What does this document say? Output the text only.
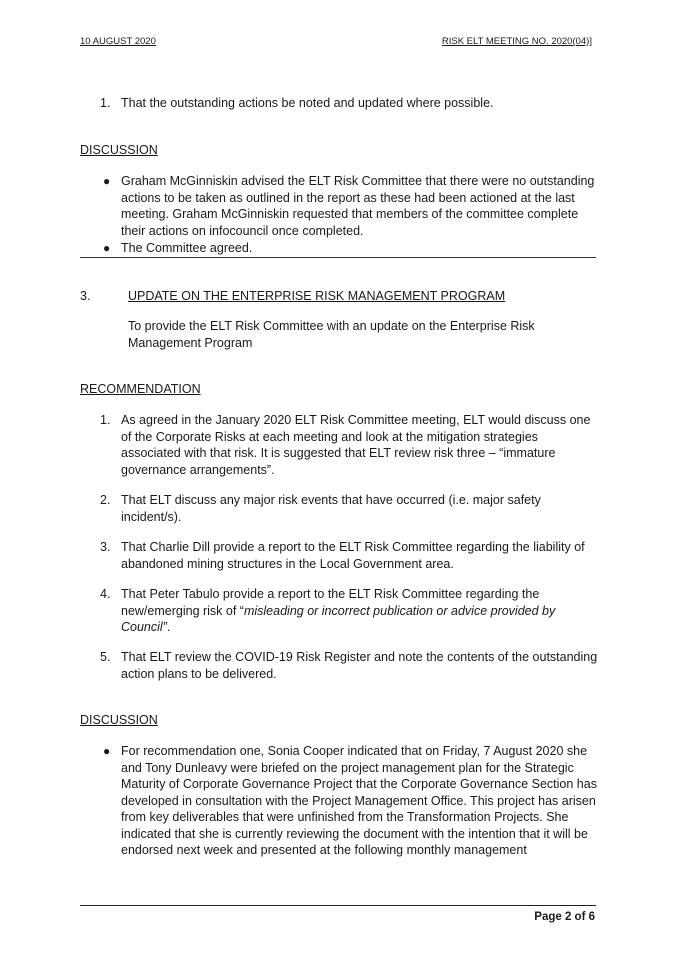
10 AUGUST 2020	RISK ELT MEETING NO. 2020(04)]
1. That the outstanding actions be noted and updated where possible.
DISCUSSION
● Graham McGinniskin advised the ELT Risk Committee that there were no outstanding actions to be taken as outlined in the report as these had been actioned at the last meeting. Graham McGinniskin requested that members of the committee complete their actions on infocouncil once completed.
● The Committee agreed.
3.	UPDATE ON THE ENTERPRISE RISK MANAGEMENT PROGRAM
To provide the ELT Risk Committee with an update on the Enterprise Risk Management Program
RECOMMENDATION
1. As agreed in the January 2020 ELT Risk Committee meeting, ELT would discuss one of the Corporate Risks at each meeting and look at the mitigation strategies associated with that risk. It is suggested that ELT review risk three – “immature governance arrangements”.
2. That ELT discuss any major risk events that have occurred (i.e. major safety incident/s).
3. That Charlie Dill provide a report to the ELT Risk Committee regarding the liability of abandoned mining structures in the Local Government area.
4. That Peter Tabulo provide a report to the ELT Risk Committee regarding the new/emerging risk of “misleading or incorrect publication or advice provided by Council”.
5. That ELT review the COVID-19 Risk Register and note the contents of the outstanding action plans to be delivered.
DISCUSSION
● For recommendation one, Sonia Cooper indicated that on Friday, 7 August 2020 she and Tony Dunleavy were briefed on the project management plan for the Strategic Maturity of Corporate Governance Project that the Corporate Governance Section has developed in consultation with the Project Management Office. This project has arisen from key deliverables that were unfinished from the Transformation Projects. She indicated that she is currently reviewing the document with the intention that it will be endorsed next week and presented at the following monthly management
Page 2 of 6
